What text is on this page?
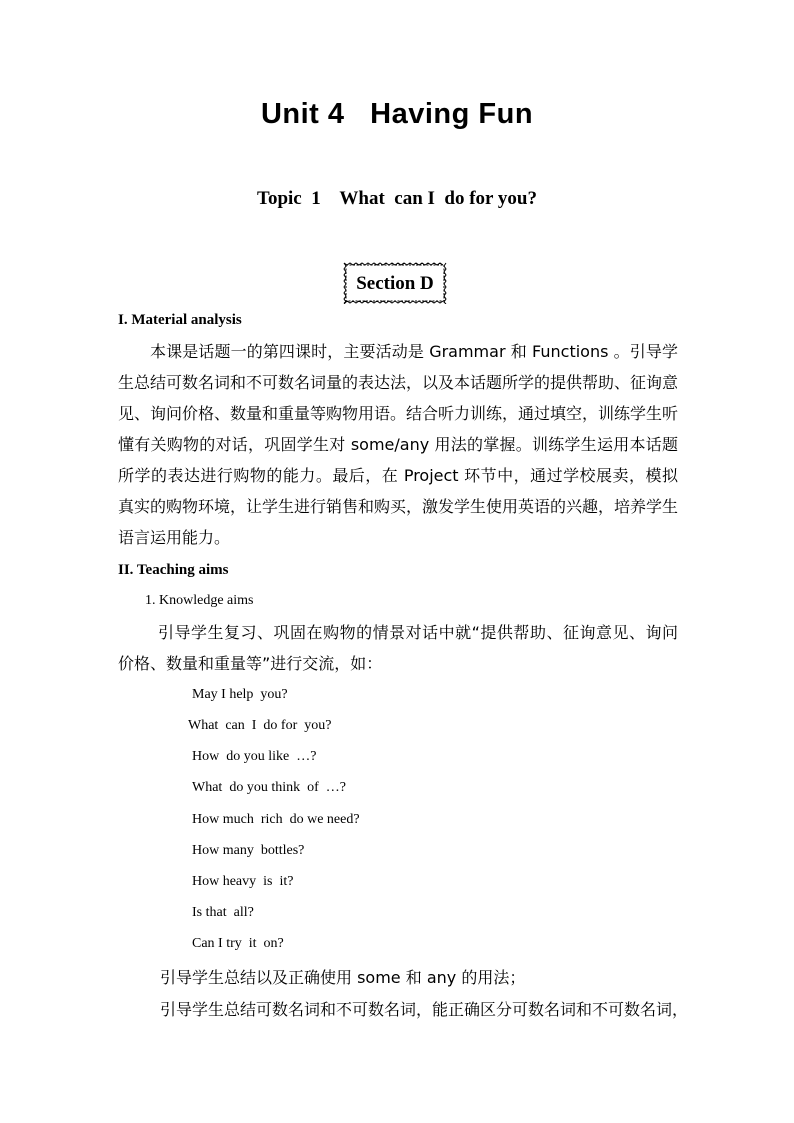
Unit 4   Having Fun
Topic  1    What  can I  do for you?
Section D
I. Material analysis
本课是话题一的第四课时，主要活动是 Grammar 和 Functions 。引导学生总结可数名词和不可数名词量的表达法，以及本话题所学的提供帮助、征询意见、询问价格、数量和重量等购物用语。结合听力训练，通过填空，训练学生听懂有关购物的对话，巩固学生对 some/any 用法的掌握。训练学生运用本话题所学的表达进行购物的能力。最后，在 Project 环节中，通过学校展卖，模拟真实的购物环境，让学生进行销售和购买，激发学生使用英语的兴趣，培养学生语言运用能力。
II. Teaching aims
1. Knowledge aims
引导学生复习、巩固在购物的情景对话中就“提供帮助、征询意见、询问价格、数量和重量等”进行交流，如：
May I help  you?
What  can  I  do for  you?
How  do you like  …?
What  do you think  of  …?
How much  rich  do we need?
How many  bottles?
How heavy  is  it?
Is that  all?
Can I try  it  on?
引导学生总结以及正确使用 some 和 any 的用法；
引导学生总结可数名词和不可数名词，能正确区分可数名词和不可数名词，
